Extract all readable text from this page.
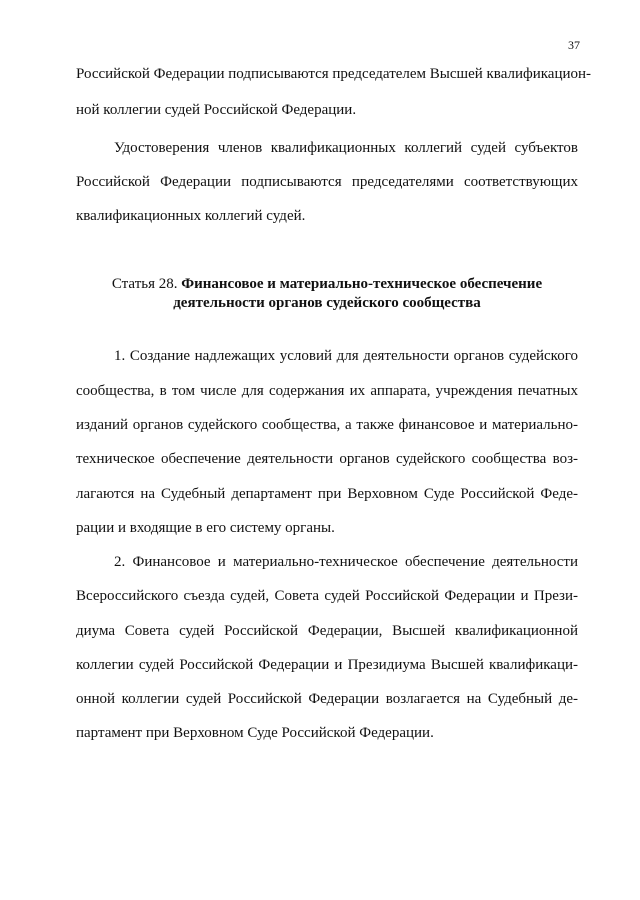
37
Российской Федерации подписываются председателем Высшей квалификацион-
ной коллегии судей Российской Федерации.
Удостоверения членов квалификационных коллегий судей субъектов
Российской Федерации подписываются председателями соответствующих
квалификационных коллегий судей.
Статья 28. Финансовое и материально-техническое обеспечение
деятельности органов судейского сообщества
1. Создание надлежащих условий для деятельности органов судейского
сообщества, в том числе для содержания их аппарата, учреждения печатных
изданий органов судейского сообщества, а также финансовое и материально-
техническое обеспечение деятельности органов судейского сообщества воз-
лагаются на Судебный департамент при Верховном Суде Российской Феде-
рации и входящие в его систему органы.
2. Финансовое и материально-техническое обеспечение деятельности
Всероссийского съезда судей, Совета судей Российской Федерации и Прези-
диума Совета судей Российской Федерации, Высшей квалификационной
коллегии судей Российской Федерации и Президиума Высшей квалификаци-
онной коллегии судей Российской Федерации возлагается на Судебный де-
партамент при Верховном Суде Российской Федерации.
